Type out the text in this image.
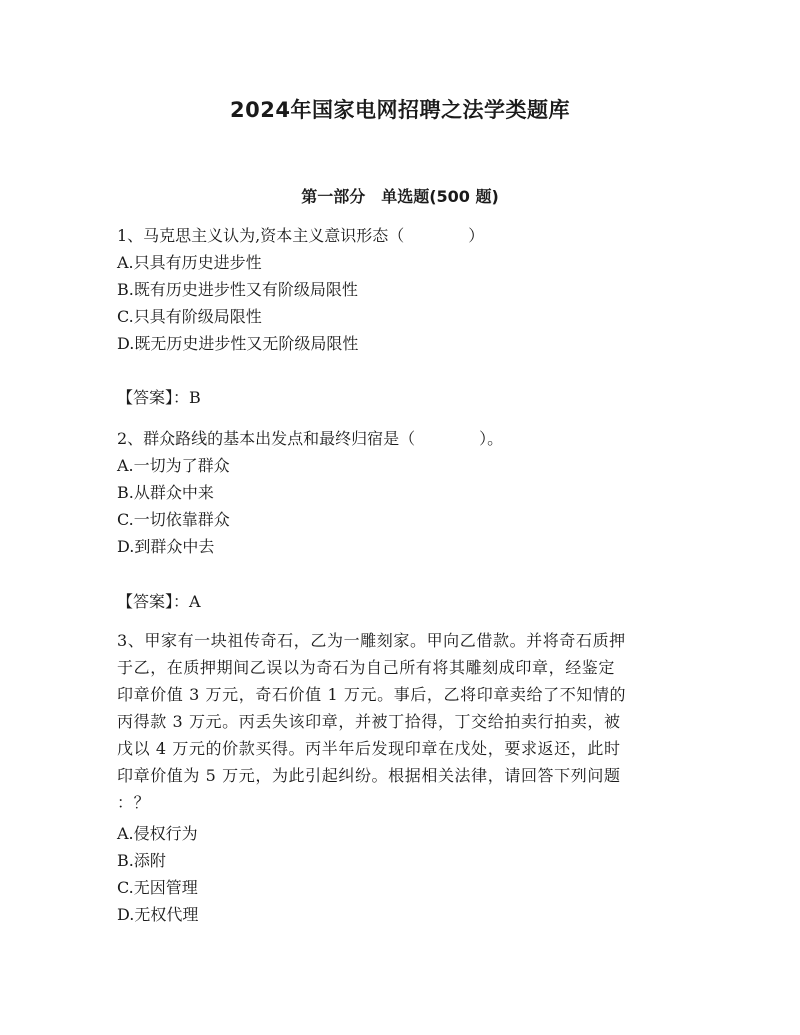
2024年国家电网招聘之法学类题库
第一部分　单选题(500 题)
1、马克思主义认为,资本主义意识形态（　　　　）
A.只具有历史进步性
B.既有历史进步性又有阶级局限性
C.只具有阶级局限性
D.既无历史进步性又无阶级局限性
【答案】：B
2、群众路线的基本出发点和最终归宿是（　　　　）。
A.一切为了群众
B.从群众中来
C.一切依靠群众
D.到群众中去
【答案】：A
3、甲家有一块祖传奇石，乙为一雕刻家。甲向乙借款。并将奇石质押
于乙，在质押期间乙误以为奇石为自己所有将其雕刻成印章，经鉴定
印章价值 3 万元，奇石价值 1 万元。事后，乙将印章卖给了不知情的
丙得款 3 万元。丙丢失该印章，并被丁拾得，丁交给拍卖行拍卖，被
戊以 4 万元的价款买得。丙半年后发现印章在戊处，要求返还，此时
印章价值为 5 万元，为此引起纠纷。根据相关法律，请回答下列问题
：？
A.侵权行为
B.添附
C.无因管理
D.无权代理
